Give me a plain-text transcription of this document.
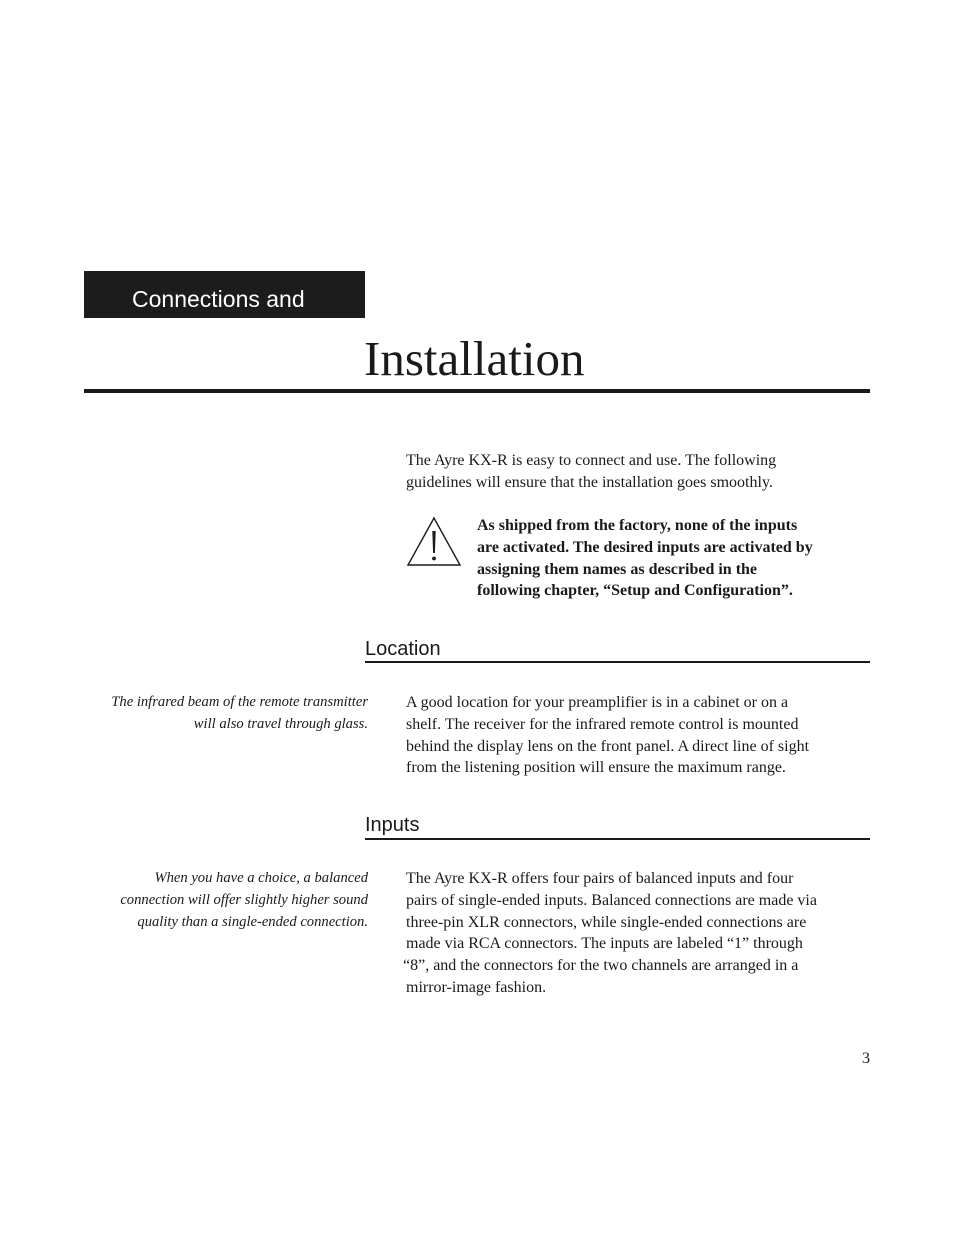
Connections and
Installation
The Ayre KX-R is easy to connect and use. The following
guidelines will ensure that the installation goes smoothly.
As shipped from the factory, none of the inputs
are activated. The desired inputs are activated by
assigning them names as described in the
following chapter, “Setup and Configuration”.
Location
The infrared beam of the remote transmitter
will also travel through glass.
A good location for your preamplifier is in a cabinet or on a
shelf. The receiver for the infrared remote control is mounted
behind the display lens on the front panel. A direct line of sight
from the listening position will ensure the maximum range.
Inputs
When you have a choice, a balanced
connection will offer slightly higher sound
quality than a single-ended connection.
The Ayre KX-R offers four pairs of balanced inputs and four
pairs of single-ended inputs. Balanced connections are made via
three-pin XLR connectors, while single-ended connections are
made via RCA connectors. The inputs are labeled “1” through
“8”, and the connectors for the two channels are arranged in a
mirror-image fashion.
3
